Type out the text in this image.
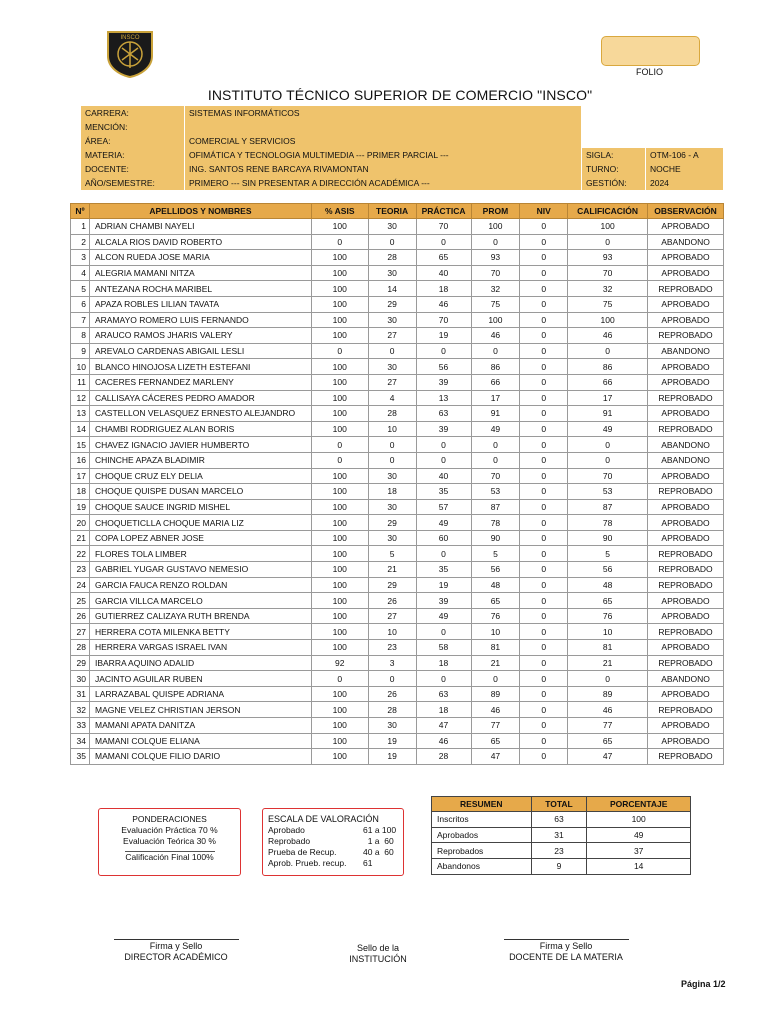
INSCO
FOLIO
INSTITUTO TÉCNICO SUPERIOR DE COMERCIO "INSCO"
CARRERA:	SISTEMAS INFORMÁTICOS
MENCIÓN:
ÁREA:	COMERCIAL Y SERVICIOS
MATERIA:	OFIMÁTICA Y TECNOLOGIA MULTIMEDIA --- PRIMER PARCIAL ---	SIGLA:	OTM-106 - A
DOCENTE:	ING. SANTOS RENE BARCAYA RIVAMONTAN	TURNO:	NOCHE
AÑO/SEMESTRE:	PRIMERO --- SIN PRESENTAR A DIRECCIÓN ACADÉMICA ---	GESTIÓN:	2024
Nº	APELLIDOS Y NOMBRES	% ASIS	TEORIA	PRÁCTICA	PROM	NIV	CALIFICACIÓN	OBSERVACIÓN
1	ADRIAN CHAMBI NAYELI	100	30	70	100	0	100	APROBADO
2	ALCALA RIOS DAVID ROBERTO	0	0	0	0	0	0	ABANDONO
3	ALCON RUEDA JOSE MARIA	100	28	65	93	0	93	APROBADO
4	ALEGRIA MAMANI NITZA	100	30	40	70	0	70	APROBADO
5	ANTEZANA ROCHA MARIBEL	100	14	18	32	0	32	REPROBADO
6	APAZA ROBLES LILIAN TAVATA	100	29	46	75	0	75	APROBADO
7	ARAMAYO ROMERO LUIS FERNANDO	100	30	70	100	0	100	APROBADO
8	ARAUCO RAMOS JHARIS VALERY	100	27	19	46	0	46	REPROBADO
9	AREVALO CARDENAS ABIGAIL LESLI	0	0	0	0	0	0	ABANDONO
10	BLANCO HINOJOSA LIZETH ESTEFANI	100	30	56	86	0	86	APROBADO
11	CACERES FERNANDEZ MARLENY	100	27	39	66	0	66	APROBADO
12	CALLISAYA CÁCERES PEDRO AMADOR	100	4	13	17	0	17	REPROBADO
13	CASTELLON VELASQUEZ ERNESTO ALEJANDRO	100	28	63	91	0	91	APROBADO
14	CHAMBI RODRIGUEZ ALAN BORIS	100	10	39	49	0	49	REPROBADO
15	CHAVEZ IGNACIO JAVIER HUMBERTO	0	0	0	0	0	0	ABANDONO
16	CHINCHE APAZA BLADIMIR	0	0	0	0	0	0	ABANDONO
17	CHOQUE CRUZ ELY DELIA	100	30	40	70	0	70	APROBADO
18	CHOQUE QUISPE DUSAN MARCELO	100	18	35	53	0	53	REPROBADO
19	CHOQUE SAUCE INGRID MISHEL	100	30	57	87	0	87	APROBADO
20	CHOQUETICLLA CHOQUE MARIA LIZ	100	29	49	78	0	78	APROBADO
21	COPA LOPEZ ABNER JOSE	100	30	60	90	0	90	APROBADO
22	FLORES TOLA LIMBER	100	5	0	5	0	5	REPROBADO
23	GABRIEL YUGAR GUSTAVO NEMESIO	100	21	35	56	0	56	REPROBADO
24	GARCIA FAUCA RENZO ROLDAN	100	29	19	48	0	48	REPROBADO
25	GARCIA VILLCA MARCELO	100	26	39	65	0	65	APROBADO
26	GUTIERREZ CALIZAYA RUTH BRENDA	100	27	49	76	0	76	APROBADO
27	HERRERA COTA MILENKA BETTY	100	10	0	10	0	10	REPROBADO
28	HERRERA VARGAS ISRAEL IVAN	100	23	58	81	0	81	APROBADO
29	IBARRA AQUINO ADALID	92	3	18	21	0	21	REPROBADO
30	JACINTO AGUILAR RUBEN	0	0	0	0	0	0	ABANDONO
31	LARRAZABAL QUISPE ADRIANA	100	26	63	89	0	89	APROBADO
32	MAGNE VELEZ CHRISTIAN JERSON	100	28	18	46	0	46	REPROBADO
33	MAMANI APATA DANITZA	100	30	47	77	0	77	APROBADO
34	MAMANI COLQUE ELIANA	100	19	46	65	0	65	APROBADO
35	MAMANI COLQUE FILIO DARIO	100	19	28	47	0	47	REPROBADO
PONDERACIONES
Evaluación Práctica 70 %
Evaluación Teórica 30 %
Calificación Final 100%
ESCALA DE VALORACIÓN
Aprobado	61 a 100
Reprobado	1 a  60
Prueba de Recup.	40 a  60
Aprob. Prueb. recup. 61
RESUMEN	TOTAL	PORCENTAJE
Inscritos	63	100
Aprobados	31	49
Reprobados	23	37
Abandonos	9	14
Firma y Sello
DIRECTOR ACADÉMICO
Sello de la
INSTITUCIÓN
Firma y Sello
DOCENTE DE LA MATERIA
Página 1/2
